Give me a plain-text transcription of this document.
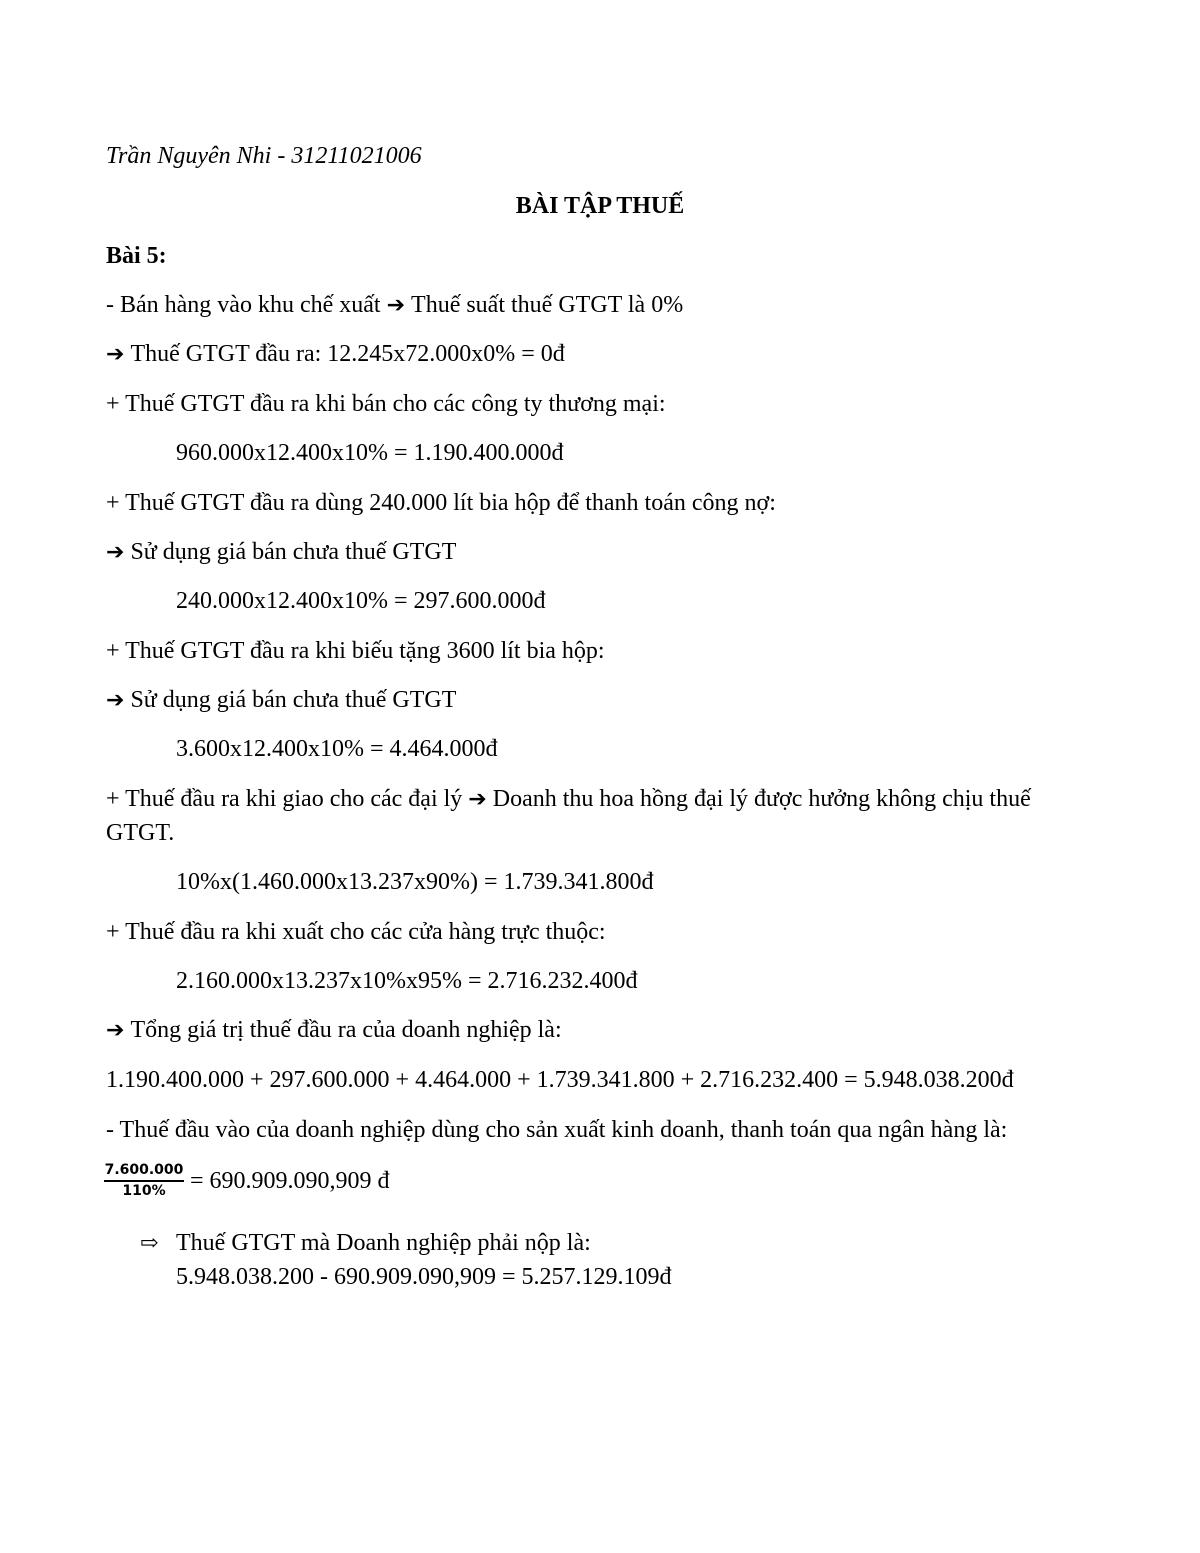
Trần Nguyên Nhi - 31211021006
BÀI TẬP THUẾ
Bài 5:
- Bán hàng vào khu chế xuất ➔ Thuế suất thuế GTGT là 0%
➔ Thuế GTGT đầu ra: 12.245x72.000x0% = 0đ
+ Thuế GTGT đầu ra khi bán cho các công ty thương mại:
960.000x12.400x10% = 1.190.400.000đ
+ Thuế GTGT đầu ra dùng 240.000 lít bia hộp để thanh toán công nợ:
➔ Sử dụng giá bán chưa thuế GTGT
240.000x12.400x10% = 297.600.000đ
+ Thuế GTGT đầu ra khi biếu tặng 3600 lít bia hộp:
➔ Sử dụng giá bán chưa thuế GTGT
3.600x12.400x10% = 4.464.000đ
+ Thuế đầu ra khi giao cho các đại lý ➔ Doanh thu hoa hồng đại lý được hưởng không chịu thuế
GTGT.
10%x(1.460.000x13.237x90%) = 1.739.341.800đ
+ Thuế đầu ra khi xuất cho các cửa hàng trực thuộc:
2.160.000x13.237x10%x95% = 2.716.232.400đ
➔ Tổng giá trị thuế đầu ra của doanh nghiệp là:
1.190.400.000 + 297.600.000 + 4.464.000 + 1.739.341.800 + 2.716.232.400 = 5.948.038.200đ
- Thuế đầu vào của doanh nghiệp dùng cho sản xuất kinh doanh, thanh toán qua ngân hàng là:
$\frac{7.600.000}{110\%} = 690.909.090,909$ đ
⇨ Thuế GTGT mà Doanh nghiệp phải nộp là:
5.948.038.200 - 690.909.090,909 = 5.257.129.109đ
